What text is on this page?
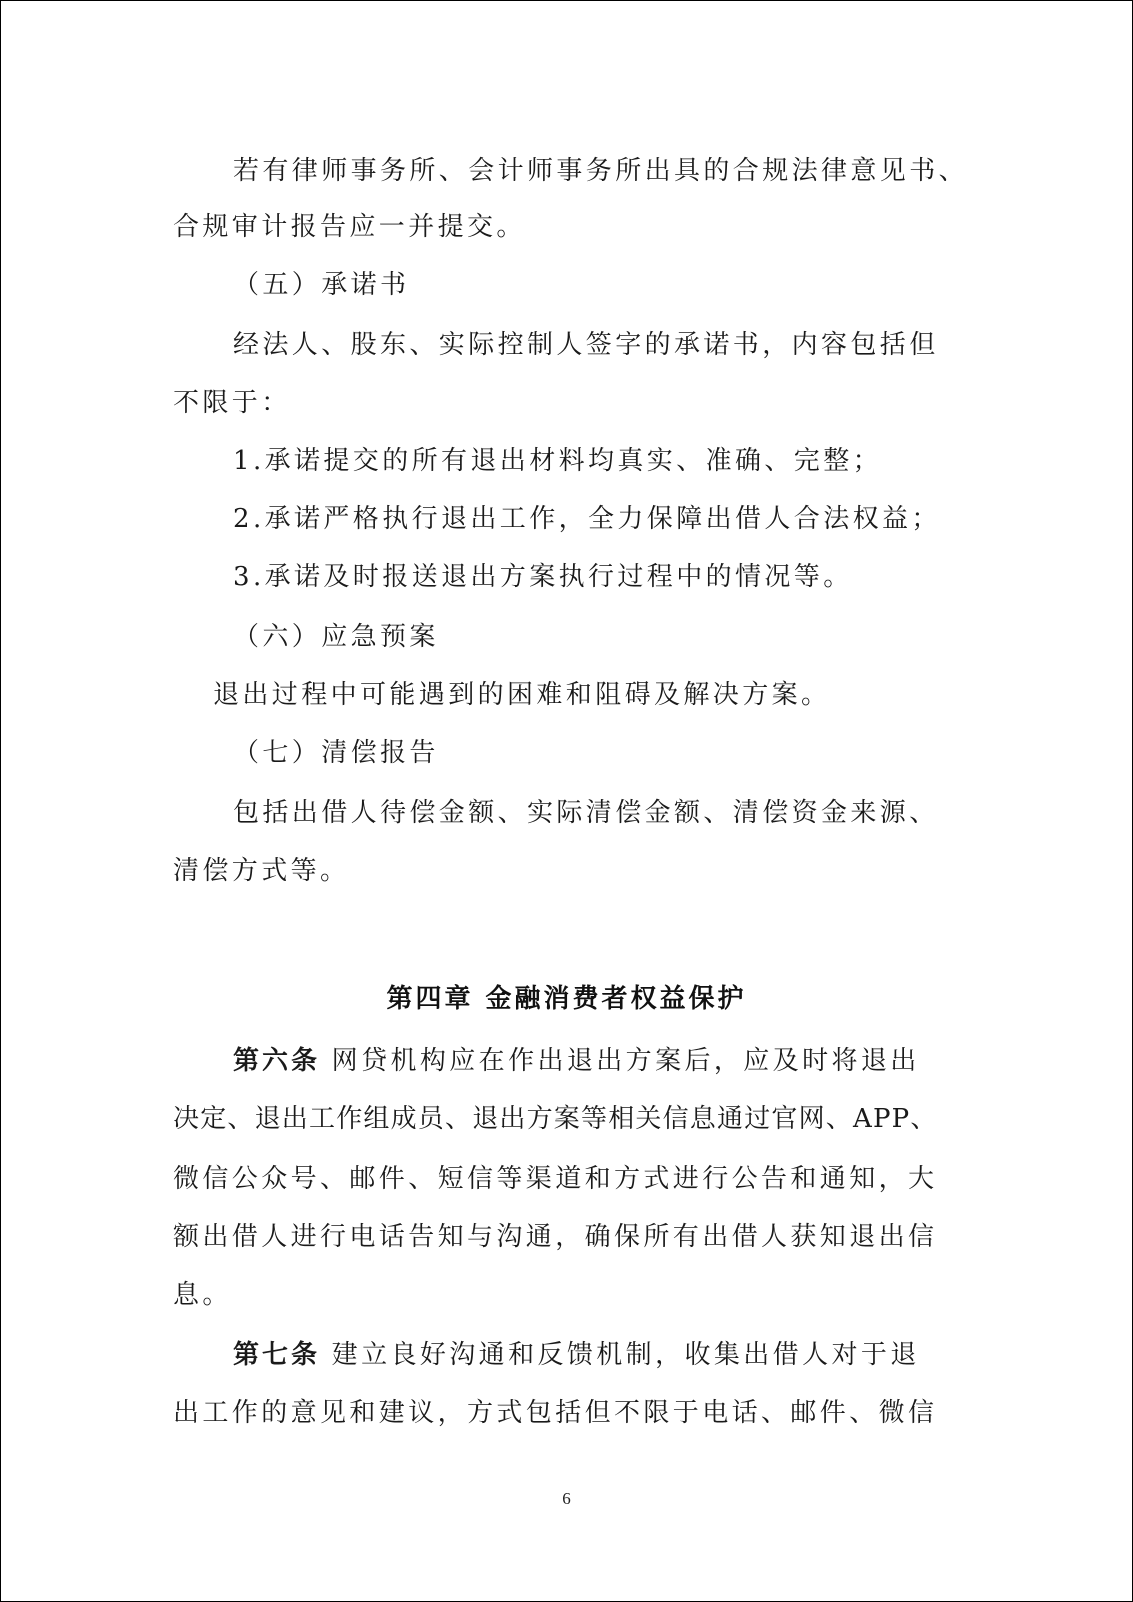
若有律师事务所、会计师事务所出具的合规法律意见书、
合规审计报告应一并提交。
（五）承诺书
经法人、股东、实际控制人签字的承诺书，内容包括但
不限于：
1.承诺提交的所有退出材料均真实、准确、完整；
2.承诺严格执行退出工作，全力保障出借人合法权益；
3.承诺及时报送退出方案执行过程中的情况等。
（六）应急预案
退出过程中可能遇到的困难和阻碍及解决方案。
（七）清偿报告
包括出借人待偿金额、实际清偿金额、清偿资金来源、
清偿方式等。
第四章 金融消费者权益保护
第六条 网贷机构应在作出退出方案后，应及时将退出
决定、退出工作组成员、退出方案等相关信息通过官网、APP、
微信公众号、邮件、短信等渠道和方式进行公告和通知，大
额出借人进行电话告知与沟通，确保所有出借人获知退出信
息。
第七条 建立良好沟通和反馈机制，收集出借人对于退
出工作的意见和建议，方式包括但不限于电话、邮件、微信
6
